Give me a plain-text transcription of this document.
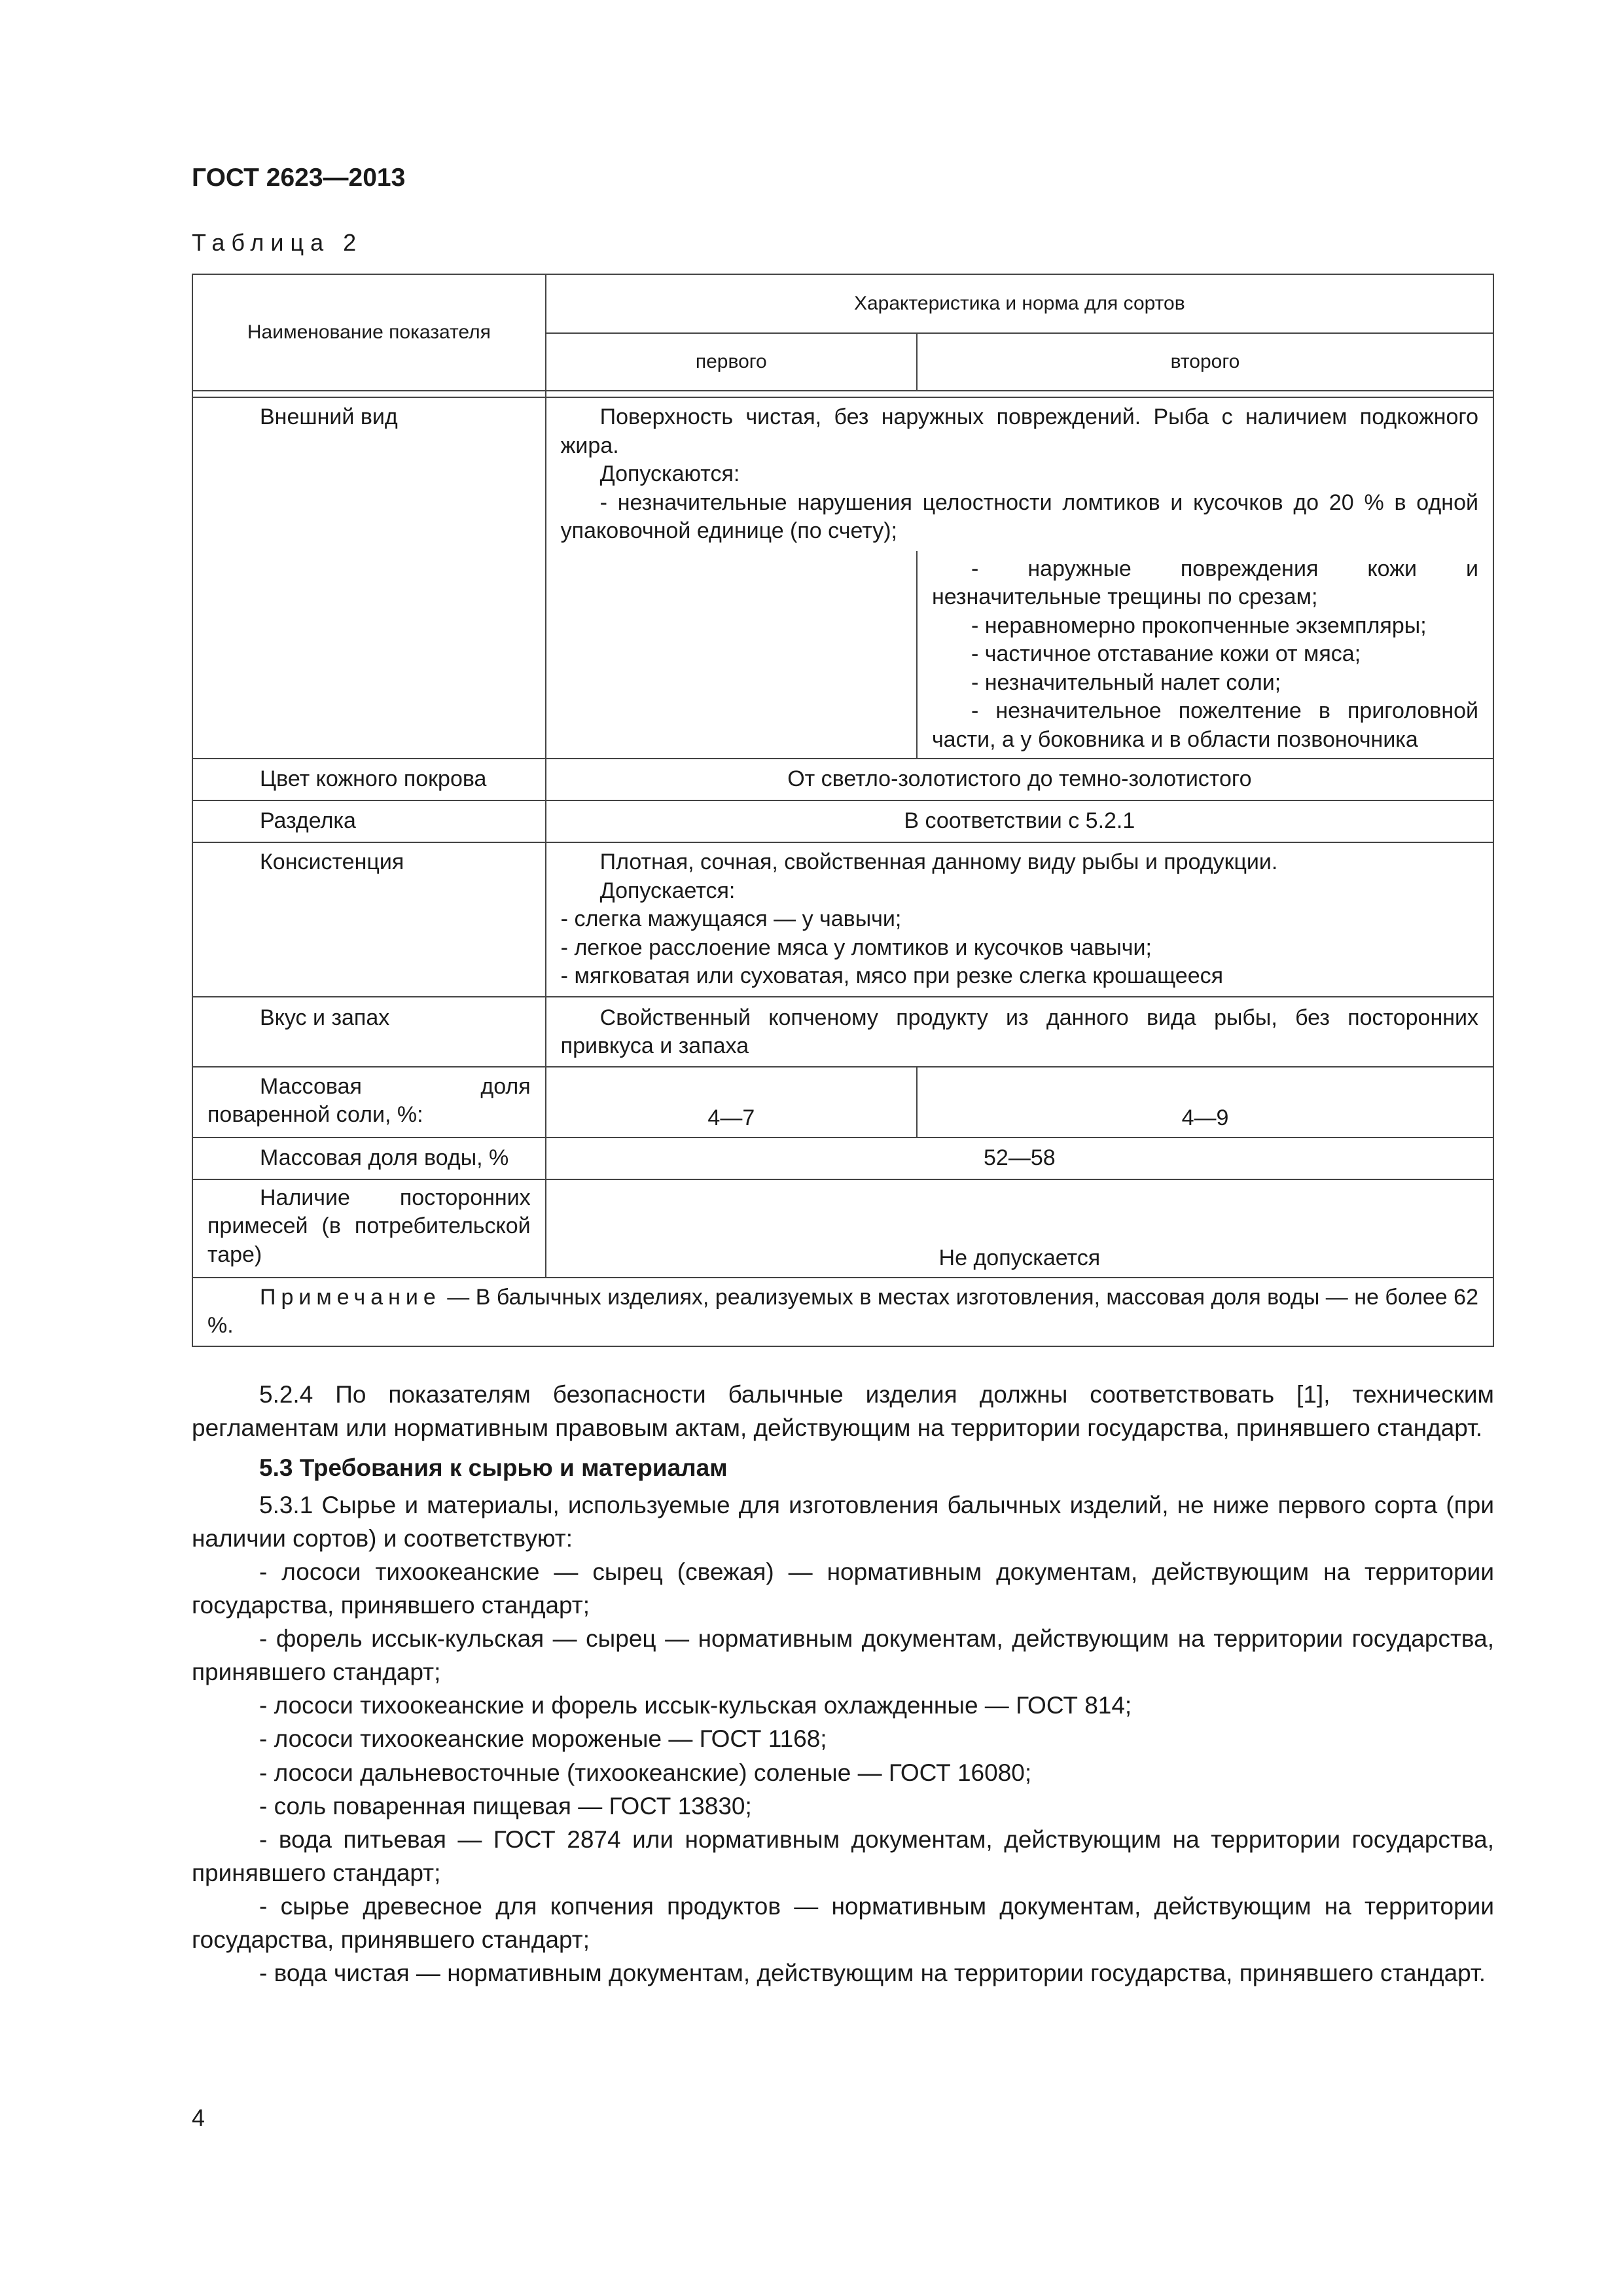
ГОСТ 2623—2013
Таблица 2
Наименование показателя	Характеристика и норма для сортов	
	первого	второго

Внешний вид	Поверхность чистая, без наружных повреждений. Рыба с наличием подкожного жира.

Допускаются:

- незначительные нарушения целостности ломтиков и кусочков до 20 % в одной упаковочной единице (по счету);	

		- наружные повреждения кожи и незначительные трещины по срезам;

- неравномерно прокопченные экземпляры;

- частичное отставание кожи от мяса;

- незначительный налет соли;

- незначительное пожелтение в приголовной части, а у боковника и в области позвоночника

Цвет кожного покрова	От светло-золотистого до темно-золотистого	
Разделка	В соответствии с 5.2.1	
Консистенция	Плотная, сочная, свойственная данному виду рыбы и продукции.

Допускается:

- слегка мажущаяся — у чавычи;

- легкое расслоение мяса у ломтиков и кусочков чавычи;

- мягковатая или суховатая, мясо при резке слегка крошащееся	

Вкус и запах	Свойственный копченому продукту из данного вида рыбы, без посторонних привкуса и запаха	
Массовая доля поваренной соли, %:	4—7	4—9
Массовая доля воды, %	52—58	
Наличие посторонних примесей (в потребительской таре)	Не допускается	
Примечание — В балычных изделиях, реализуемых в местах изготовления, массовая доля воды — не более 62 %.		

5.2.4 По показателям безопасности балычные изделия должны соответствовать [1], техническим регламентам или нормативным правовым актам, действующим на территории государства, принявшего стандарт.

5.3 Требования к сырью и материалам

5.3.1 Сырье и материалы, используемые для изготовления балычных изделий, не ниже первого сорта (при наличии сортов) и соответствуют:

- лососи тихоокеанские — сырец (свежая) — нормативным документам, действующим на территории государства, принявшего стандарт;

- форель иссык-кульская — сырец — нормативным документам, действующим на территории государства, принявшего стандарт;

- лососи тихоокеанские и форель иссык-кульская охлажденные — ГОСТ 814;

- лососи тихоокеанские мороженые — ГОСТ 1168;

- лососи дальневосточные (тихоокеанские) соленые — ГОСТ 16080;

- соль поваренная пищевая — ГОСТ 13830;

- вода питьевая — ГОСТ 2874 или нормативным документам, действующим на территории государства, принявшего стандарт;

- сырье древесное для копчения продуктов — нормативным документам, действующим на территории государства, принявшего стандарт;

- вода чистая — нормативным документам, действующим на территории государства, принявшего стандарт.

4
